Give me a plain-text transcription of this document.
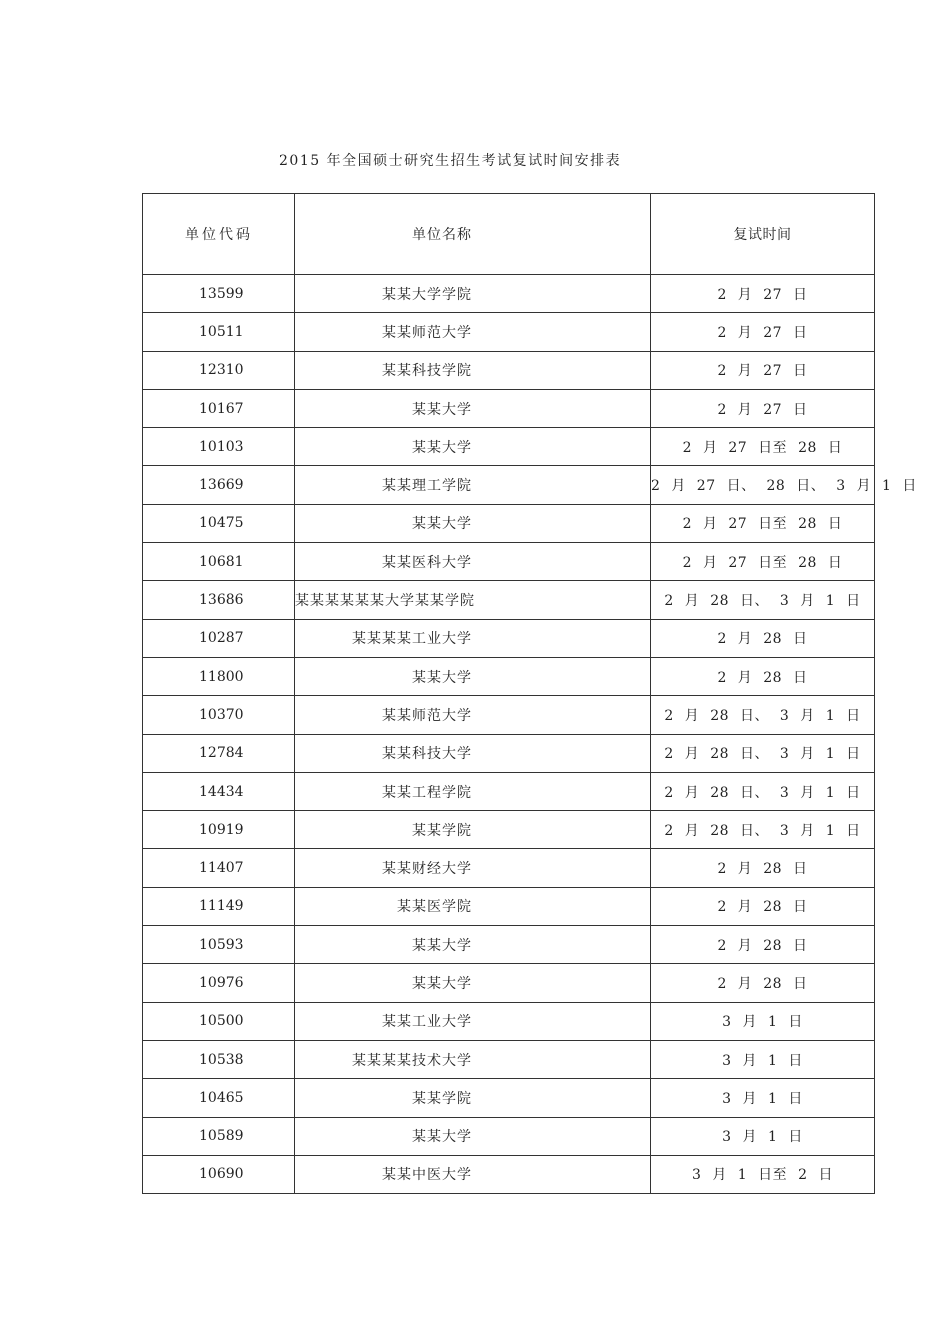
2015 年全国硕士研究生招生考试复试时间安排表
单位代码	单位名称	复试时间
13599	某某大学学院	2 月 27 日
10511	某某师范大学	2 月 27 日
12310	某某科技学院	2 月 27 日
10167	某某大学	2 月 27 日
10103	某某大学	2 月 27 日至 28 日
13669	某某理工学院	2 月 27 日、 28 日、 3 月 1 日
10475	某某大学	2 月 27 日至 28 日
10681	某某医科大学	2 月 27 日至 28 日
13686	某某某某某某大学某某学院	2 月 28 日、 3 月 1 日
10287	某某某某工业大学	2 月 28 日
11800	某某大学	2 月 28 日
10370	某某师范大学	2 月 28 日、 3 月 1 日
12784	某某科技大学	2 月 28 日、 3 月 1 日
14434	某某工程学院	2 月 28 日、 3 月 1 日
10919	某某学院	2 月 28 日、 3 月 1 日
11407	某某财经大学	2 月 28 日
11149	某某医学院	2 月 28 日
10593	某某大学	2 月 28 日
10976	某某大学	2 月 28 日
10500	某某工业大学	3 月 1 日
10538	某某某某技术大学	3 月 1 日
10465	某某学院	3 月 1 日
10589	某某大学	3 月 1 日
10690	某某中医大学	3 月 1 日至 2 日
